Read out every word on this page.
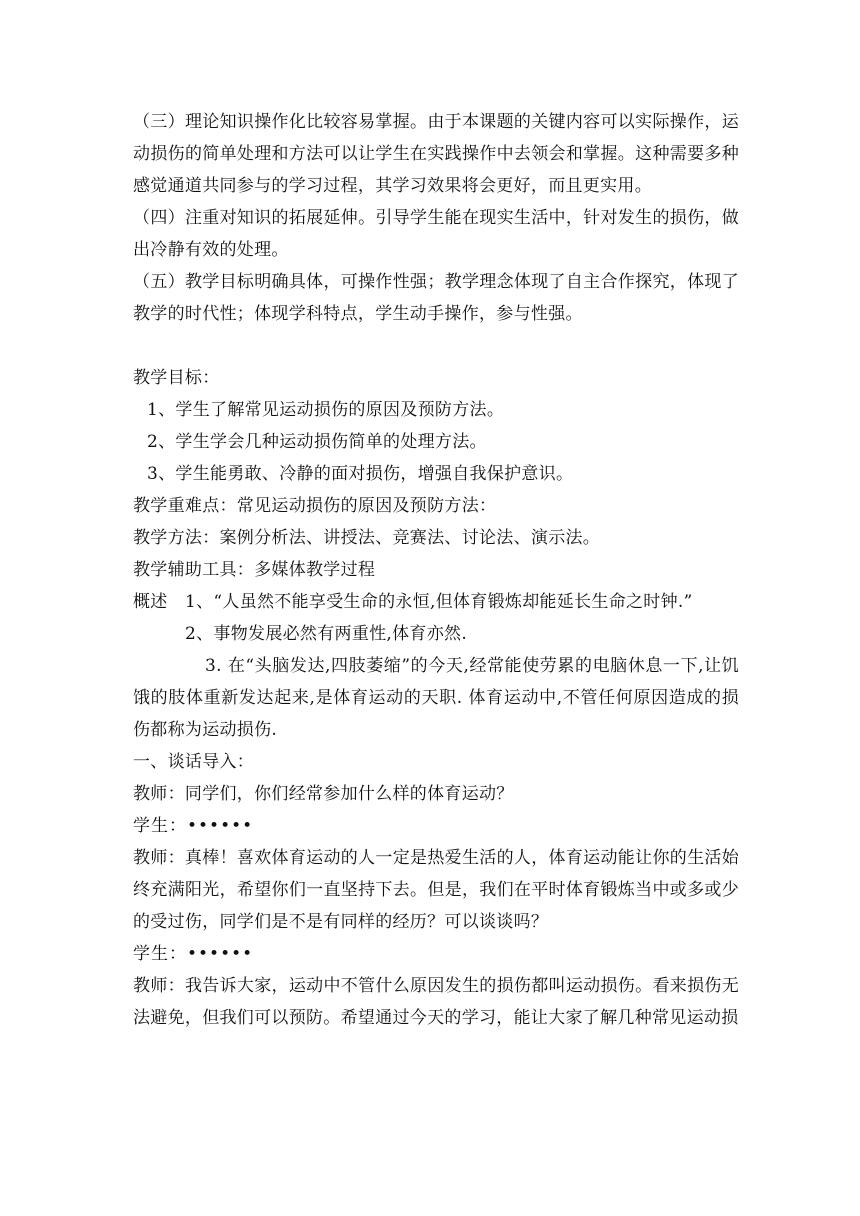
（三）理论知识操作化比较容易掌握。由于本课题的关键内容可以实际操作，运动损伤的简单处理和方法可以让学生在实践操作中去领会和掌握。这种需要多种感觉通道共同参与的学习过程，其学习效果将会更好，而且更实用。

（四）注重对知识的拓展延伸。引导学生能在现实生活中，针对发生的损伤，做出冷静有效的处理。

（五）教学目标明确具体，可操作性强；教学理念体现了自主合作探究，体现了教学的时代性；体现学科特点，学生动手操作，参与性强。

教学目标：

1、学生了解常见运动损伤的原因及预防方法。

2、学生学会几种运动损伤简单的处理方法。

3、学生能勇敢、冷静的面对损伤，增强自我保护意识。

教学重难点：常见运动损伤的原因及预防方法：

教学方法：案例分析法、讲授法、竞赛法、讨论法、演示法。

教学辅助工具：多媒体教学过程

概述 1、“人虽然不能享受生命的永恒,但体育锻炼却能延长生命之时钟.”

2、事物发展必然有两重性,体育亦然.

3. 在“头脑发达,四肢萎缩”的今天,经常能使劳累的电脑休息一下,让饥饿的肢体重新发达起来,是体育运动的天职. 体育运动中,不管任何原因造成的损伤都称为运动损伤.

一、谈话导入：

教师：同学们，你们经常参加什么样的体育运动？

学生：••••••

教师：真棒！喜欢体育运动的人一定是热爱生活的人，体育运动能让你的生活始终充满阳光，希望你们一直坚持下去。但是，我们在平时体育锻炼当中或多或少的受过伤，同学们是不是有同样的经历？可以谈谈吗？

学生：••••••

教师：我告诉大家，运动中不管什么原因发生的损伤都叫运动损伤。看来损伤无法避免，但我们可以预防。希望通过今天的学习，能让大家了解几种常见运动损
